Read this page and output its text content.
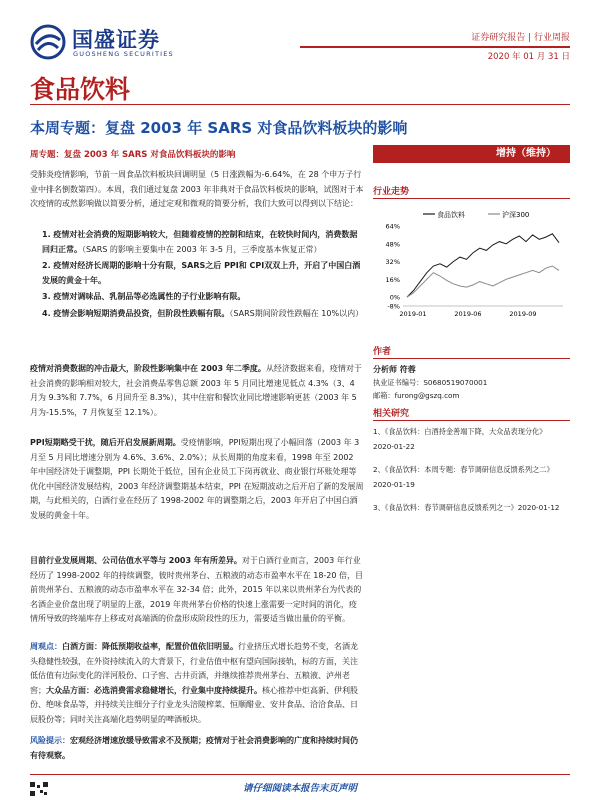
国盛证券
GUOSHENG SECURITIES
证券研究报告 | 行业周报
2020 年 01 月 31 日
食品饮料
本周专题：复盘 2003 年 SARS 对食品饮料板块的影响
周专题：复盘 2003 年 SARS 对食品饮料板块的影响
受肺炎疫情影响，节前一周食品饮料板块回调明显（5 日涨跌幅为-6.64%，在 28 个申万子行业中排名倒数第四）。本周，我们通过复盘 2003 年非典对于食品饮料板块的影响，试图对于本次疫情的或然影响做以简要分析，通过定观和微观的简要分析，我们大致可以得到以下结论：
1. 疫情对社会消费的短期影响较大，但随着疫情的控制和结束，在较快时间内，消费数据回归正常。（SARS 的影响主要集中在 2003 年 3-5 月，三季度基本恢复正常）
2. 疫情对经济长周期的影响十分有限，SARS之后 PPI和 CPI双双上升，开启了中国白酒发展的黄金十年。
3. 疫情对调味品、乳制品等必选属性的子行业影响有限。
4. 疫情会影响短期消费品投资，但阶段性跌幅有限。（SARS期间阶段性跌幅在 10%以内）
疫情对消费数据的冲击最大，阶段性影响集中在 2003 年二季度。从经济数据来看，疫情对于社会消费的影响相对较大，社会消费品零售总额 2003 年 5 月同比增速见低点 4.3%（3、4 月为 9.3%和 7.7%，6 月回升至 8.3%），其中住宿和餐饮业同比增速影响更甚（2003 年 5 月为-15.5%，7 月恢复至 12.1%）。
PPI短期略受干扰，随后开启发展新周期。受疫情影响，PPI短期出现了小幅回落（2003 年 3 月至 5 月同比增速分别为 4.6%、3.6%、2.0%）；从长周期的角度来看，1998 年至 2002 年中国经济处于调整期，PPI 长期处于低位，国有企业员工下岗再就业、商业银行坏账处理等优化中国经济发展结构，2003 年经济调整期基本结束，PPI 在短期波动之后开启了新的发展周期，与此相关的，白酒行业在经历了 1998-2002 年的调整期之后，2003 年开启了中国白酒发展的黄金十年。
目前行业发展周期、公司估值水平等与 2003 年有所差异。对于白酒行业而言，2003 年行业经历了 1998-2002 年的持续调整，彼时贵州茅台、五粮液的动态市盈率水平在 18-20 倍，目前贵州茅台、五粮液的动态市盈率水平在 32-34 倍；此外，2015 年以来以贵州茅台为代表的名酒企业价盘出现了明显的上涨，2019 年贵州茅台价格的快速上涨需要一定时间的消化，疫情所导致的终端库存上移或对高端酒的价盘形成阶段性的压力，需要适当做出量价的平衡。
周观点：白酒方面：降低预期收益率，配置价值依旧明显。行业挤压式增长趋势不变，名酒龙头稳健性较强，在外资持续流入的大背景下，行业估值中枢有望向国际接轨，标的方面，关注低估值有边际变化的洋河股份、口子窖、古井贡酒，并继续推荐贵州茅台、五粮液、泸州老窖；大众品方面：必选消费需求稳健增长，行业集中度持续提升。核心推荐中炬高新、伊利股份、绝味食品等，并持续关注细分子行业龙头涪陵榨菜、恒顺醋业、安井食品、洽洽食品、日辰股份等；同时关注高端化趋势明显的啤酒板块。
风险提示：宏观经济增速放缓导致需求不及预期；疫情对于社会消费影响的广度和持续时间仍有待观察。
增持（维持）
行业走势
-8%
0%
16%
32%
48%
64%
2019-01	2019-06	2019-09
食品饮料	沪深300
作者
分析师 符蓉
执业证书编号：S0680519070001
邮箱：furong@gszq.com
相关研究
1、《食品饮料：白酒持金善端下降，大众品表现分化》
2020-01-22
2、《食品饮料：本周专题：春节调研信息反馈系列之二》
2020-01-19
3、《食品饮料：春节调研信息反馈系列之一》2020-01-12
请仔细阅读本报告末页声明
